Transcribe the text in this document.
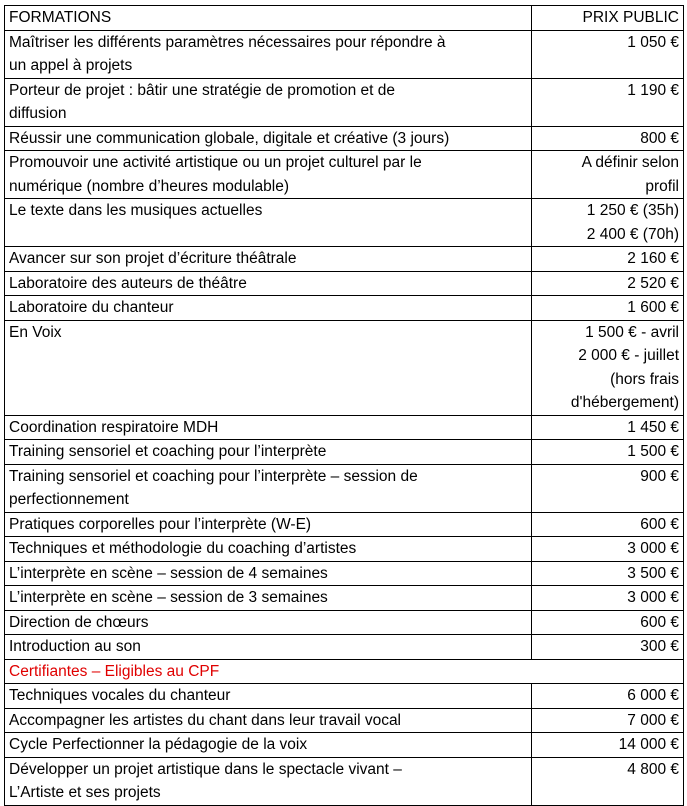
FORMATIONS	PRIX PUBLIC

Maîtriser les différents paramètres nécessaires pour répondre à
un appel à projets	1 050 €

Porteur de projet : bâtir une stratégie de promotion et de
diffusion	1 190 €

Réussir une communication globale, digitale et créative (3 jours)	800 €

Promouvoir une activité artistique ou un projet culturel par le
numérique (nombre d’heures modulable)	A définir selon
profil

Le texte dans les musiques actuelles	1 250 € (35h)
2 400 € (70h)

Avancer sur son projet d’écriture théâtrale	2 160 €

Laboratoire des auteurs de théâtre	2 520 €

Laboratoire du chanteur	1 600 €

En Voix	1 500 € - avril
2 000 € - juillet
(hors frais
d'hébergement)

Coordination respiratoire MDH	1 450 €

Training sensoriel et coaching pour l’interprète	1 500 €

Training sensoriel et coaching pour l’interprète – session de
perfectionnement	900 €

Pratiques corporelles pour l’interprète (W-E)	600 €

Techniques et méthodologie du coaching d’artistes	3 000 €

L’interprète en scène – session de 4 semaines	3 500 €

L’interprète en scène – session de 3 semaines	3 000 €

Direction de chœurs	600 €

Introduction au son	300 €

Certifiantes – Eligibles au CPF	

Techniques vocales du chanteur	6 000 €

Accompagner les artistes du chant dans leur travail vocal	7 000 €

Cycle Perfectionner la pédagogie de la voix	14 000 €

Développer un projet artistique dans le spectacle vivant –
L’Artiste et ses projets	4 800 €
